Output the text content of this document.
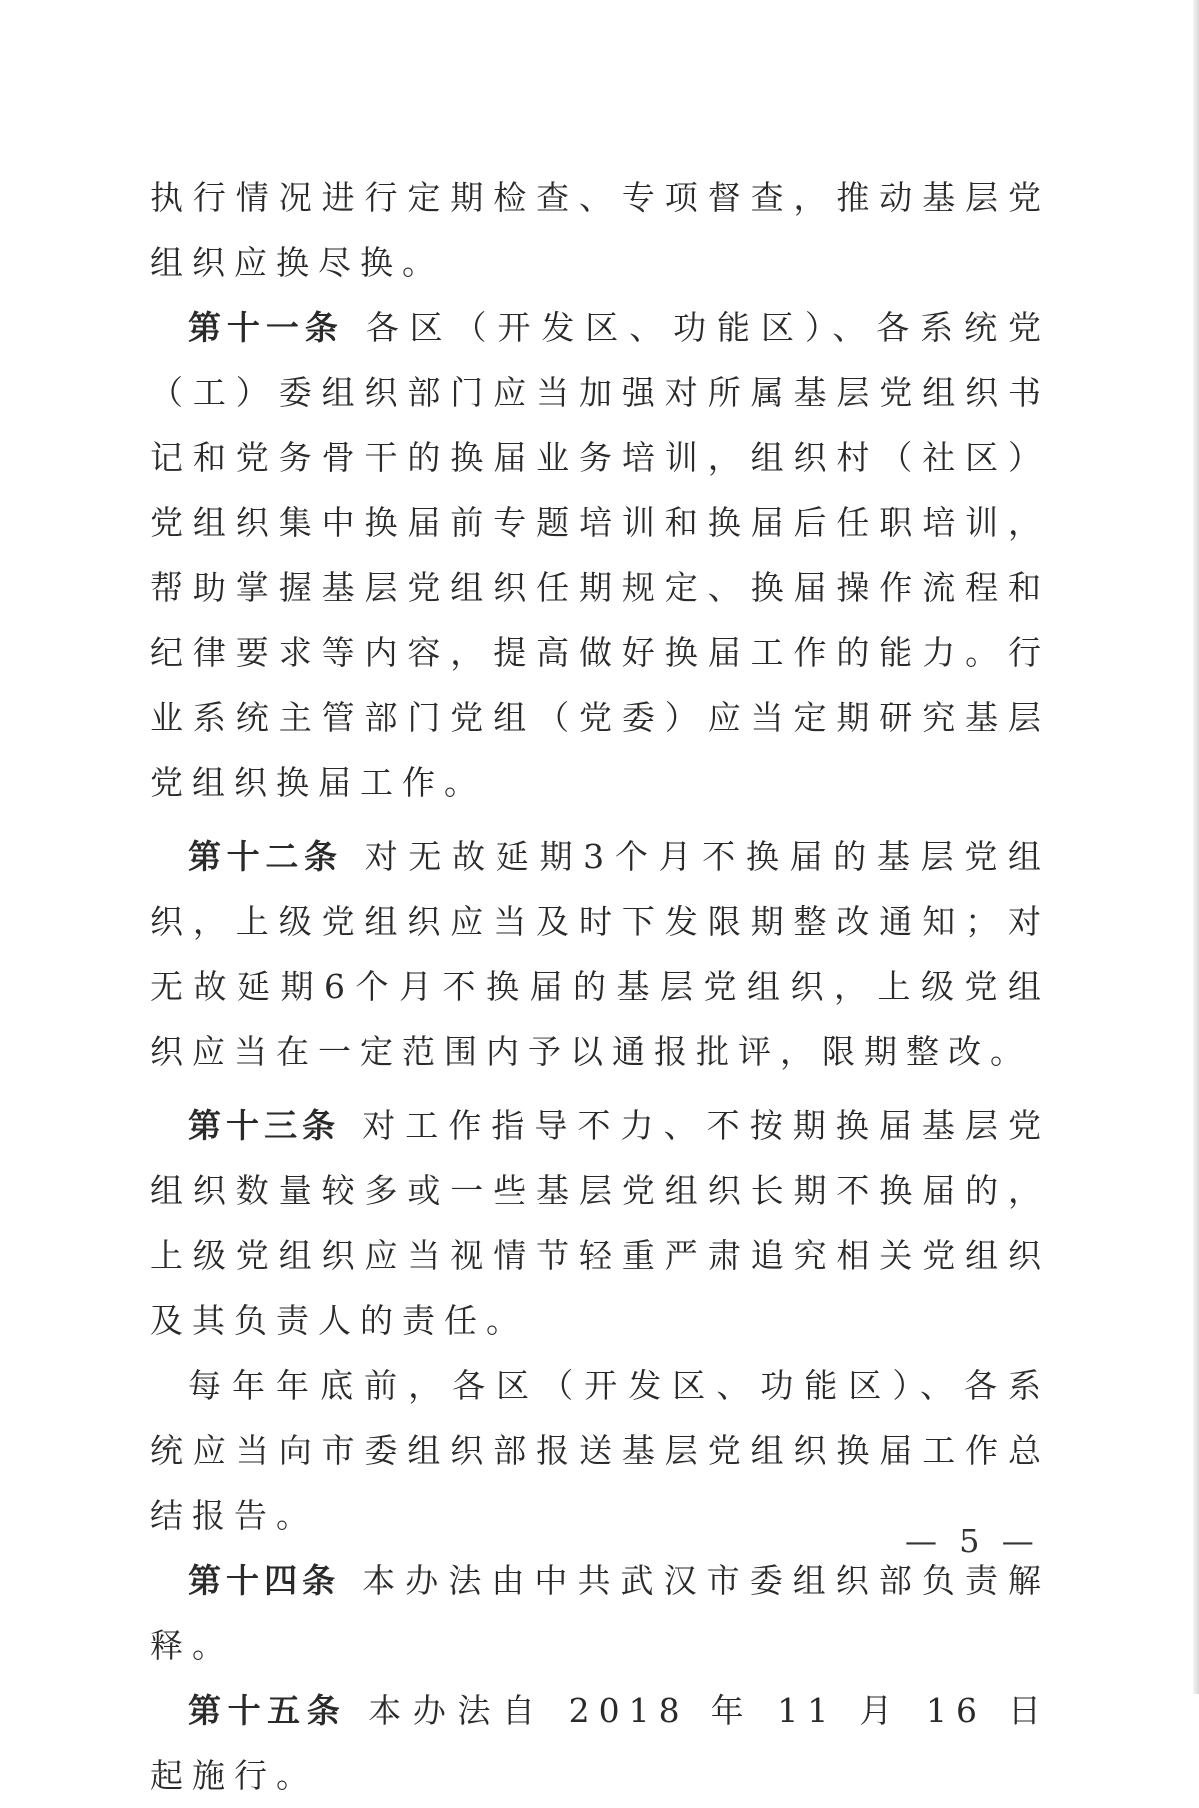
执行情况进行定期检查、专项督查，推动基层党组织应换尽换。

第十一条 各区（开发区、功能区）、各系统党（工）委组织部门应当加强对所属基层党组织书记和党务骨干的换届业务培训，组织村（社区）党组织集中换届前专题培训和换届后任职培训，帮助掌握基层党组织任期规定、换届操作流程和纪律要求等内容，提高做好换届工作的能力。行业系统主管部门党组（党委）应当定期研究基层党组织换届工作。

第十二条 对无故延期3个月不换届的基层党组织，上级党组织应当及时下发限期整改通知；对无故延期6个月不换届的基层党组织，上级党组织应当在一定范围内予以通报批评，限期整改。

第十三条 对工作指导不力、不按期换届基层党组织数量较多或一些基层党组织长期不换届的，上级党组织应当视情节轻重严肃追究相关党组织及其负责人的责任。

每年年底前，各区（开发区、功能区）、各系统应当向市委组织部报送基层党组织换届工作总结报告。

第十四条 本办法由中共武汉市委组织部负责解释。

第十五条 本办法自 2018 年 11 月 16 日起施行。

— 5 —
